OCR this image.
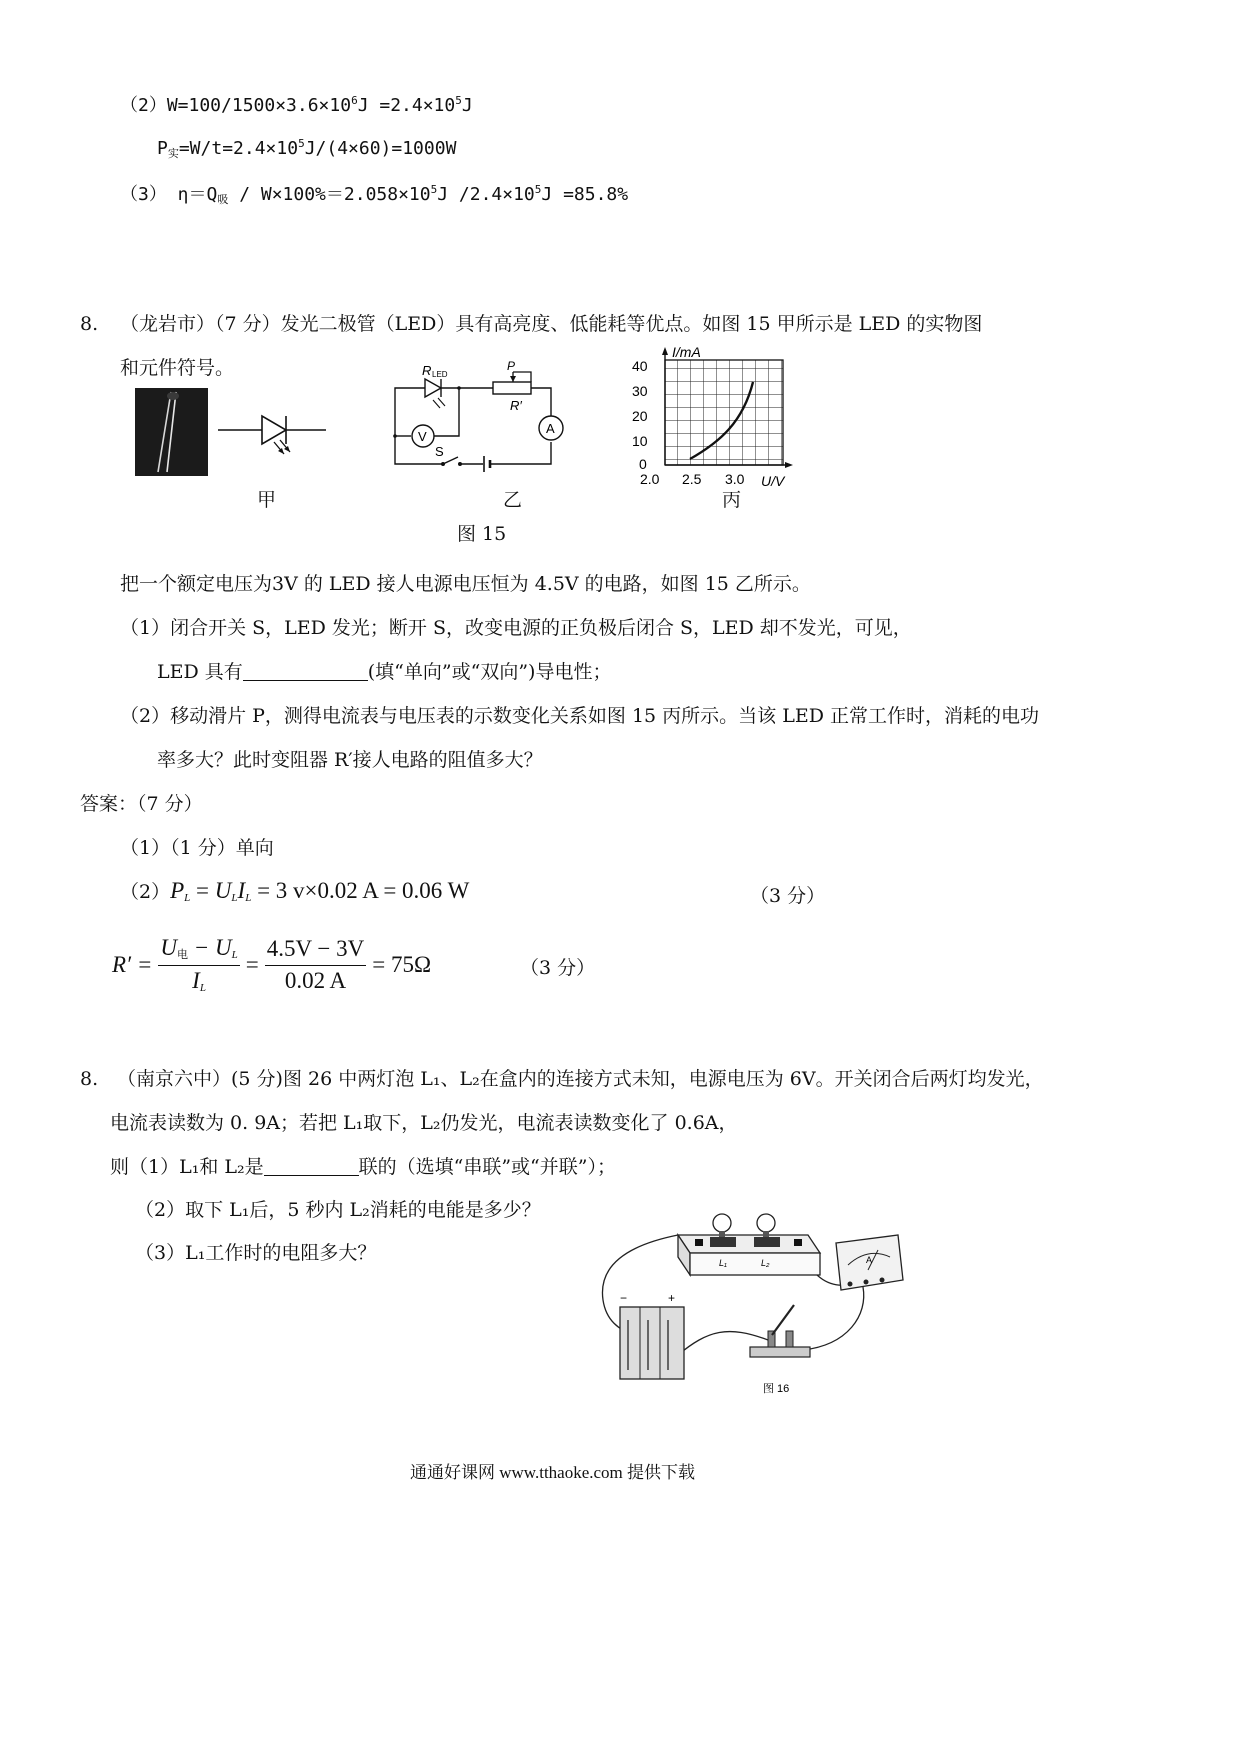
$(2)W=100/1500\times 3.6\times 10^6J =2.4\times 10^5J$
P实$=W/t=2.4\times 10^5J/(4\times 60)=1000W$
（3） η＝Q吸 / $W\times 100\%=2.058\times 10^5J$ $/2.4\times 10^5J =85.8\%$
8. （龙岩市）（7 分）发光二极管（LED）具有高亮度、低能耗等优点。如图 15 甲所示是 LED 的实物图
和元件符号。
甲
A
P
R′
R LED
V
S
乙
I/mA
40
30
20
10
0
2.0 2.5 3.0 U/V
丙
图 15
把一个额定电压为3V 的 LED 接人电源电压恒为 4.5V 的电路，如图 15 乙所示。
（1）闭合开关 S，LED 发光；断开 S，改变电源的正负极后闭合 S，LED 却不发光，可见，
LED 具有	(填“单向”或“双向”)导电性；
（2）移动滑片 P，测得电流表与电压表的示数变化关系如图 15 丙所示。当该 LED 正常工作时，消耗的电功
率多大？此时变阻器 R′接人电路的阻值多大？
答案：（7 分）
（1）（1 分）单向
（2）PL = ULIL = 3 v×0.02 A = 0.06 W	（3 分）
$R' = \frac{\text{U电 − UL}}{IL} = \frac{4.5V - 3V}{0.02 A} = 75\Omega$	（3 分）
8. （南京六中）(5 分)图 26 中两灯泡 L₁、L₂在盒内的连接方式未知，电源电压为 6V。开关闭合后两灯均发光，
电流表读数为 0. 9A；若把 L₁取下，L₂仍发光，电流表读数变化了 0.6A，
则（1）L₁和 L₂是	联的（选填“串联”或“并联”）；
（2）取下 L₁后，5 秒内 L₂消耗的电能是多少？
（3）L₁工作时的电阻多大？	L₁	L₂	A
−	+
图 16
通通好课网 www.tthaoke.com 提供下载
